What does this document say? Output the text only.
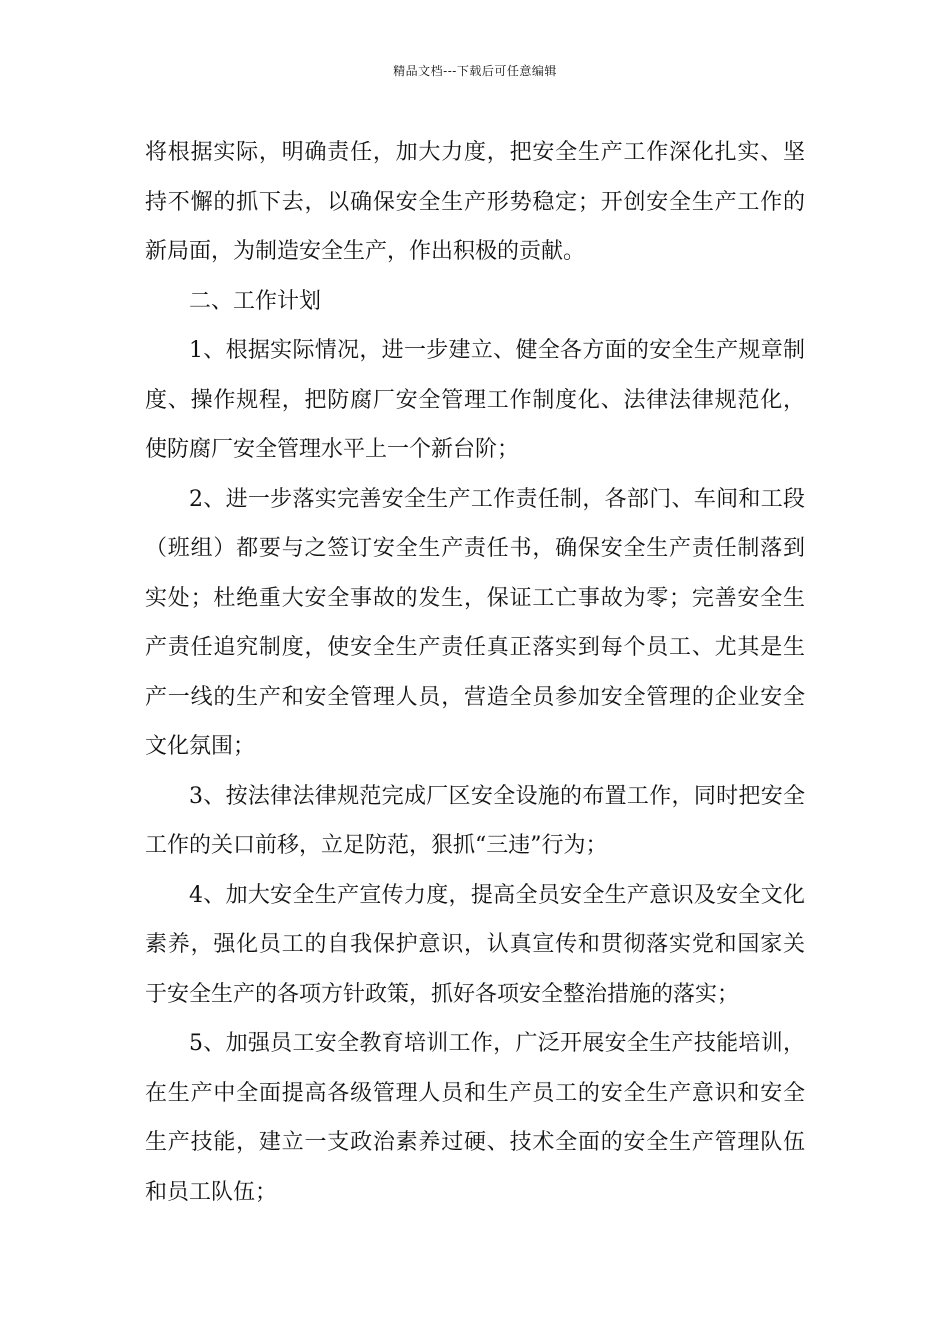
精品文档---下载后可任意编辑
将根据实际，明确责任，加大力度，把安全生产工作深化扎实、坚
持不懈的抓下去，以确保安全生产形势稳定；开创安全生产工作的
新局面，为制造安全生产，作出积极的贡献。
二、工作计划
1、根据实际情况，进一步建立、健全各方面的安全生产规章制
度、操作规程，把防腐厂安全管理工作制度化、法律法律规范化，
使防腐厂安全管理水平上一个新台阶；
2、进一步落实完善安全生产工作责任制，各部门、车间和工段
（班组）都要与之签订安全生产责任书，确保安全生产责任制落到
实处；杜绝重大安全事故的发生，保证工亡事故为零；完善安全生
产责任追究制度，使安全生产责任真正落实到每个员工、尤其是生
产一线的生产和安全管理人员，营造全员参加安全管理的企业安全
文化氛围；
3、按法律法律规范完成厂区安全设施的布置工作，同时把安全
工作的关口前移，立足防范，狠抓“三违”行为；
4、加大安全生产宣传力度，提高全员安全生产意识及安全文化
素养，强化员工的自我保护意识，认真宣传和贯彻落实党和国家关
于安全生产的各项方针政策，抓好各项安全整治措施的落实；
5、加强员工安全教育培训工作，广泛开展安全生产技能培训，
在生产中全面提高各级管理人员和生产员工的安全生产意识和安全
生产技能，建立一支政治素养过硬、技术全面的安全生产管理队伍
和员工队伍；
